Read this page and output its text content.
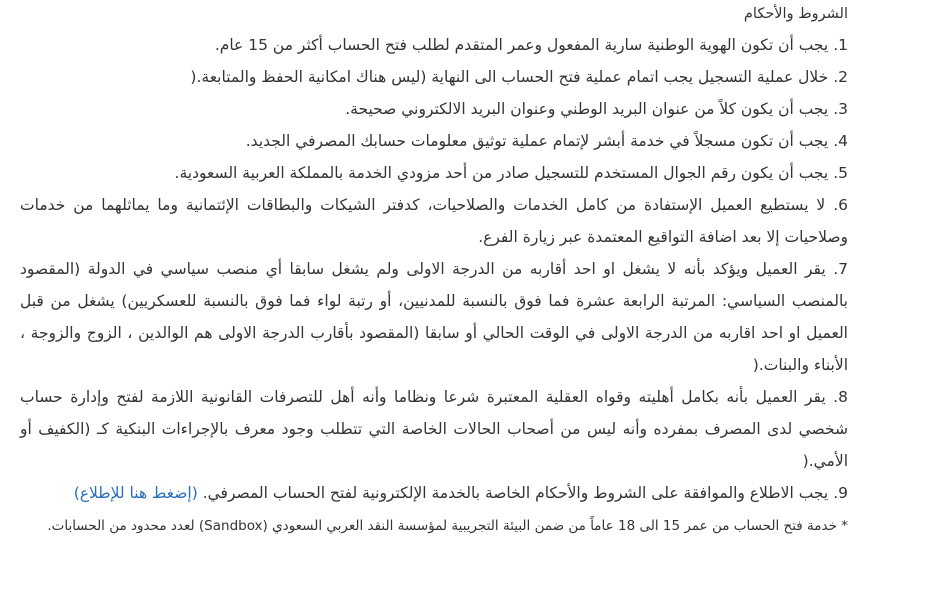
الشروط والأحكام
1. يجب أن تكون الهوية الوطنية سارية المفعول وعمر المتقدم لطلب فتح الحساب أكثر من 15 عام.
2. خلال عملية التسجيل يجب اتمام عملية فتح الحساب الى النهاية (ليس هناك امكانية الحفظ والمتابعة.(
3. يجب أن يكون كلاً من عنوان البريد الوطني وعنوان البريد الالكتروني صحيحة.
4. يجب أن تكون مسجلاً في خدمة أبشر لإتمام عملية توثيق معلومات حسابك المصرفي الجديد.
5. يجب أن يكون رقم الجوال المستخدم للتسجيل صادر من أحد مزودي الخدمة بالمملكة العربية السعودية.
6. لا يستطيع العميل الإستفادة من كامل الخدمات والصلاحيات، كدفتر الشيكات والبطاقات الإئتمانية وما يماثلهما من خدمات وصلاحيات إلا بعد اضافة التواقيع المعتمدة عبر زيارة الفرع.
7. يقر العميل ويؤكد بأنه لا يشغل او احد أقاربه من الدرجة الاولى ولم يشغل سابقا أي منصب سياسي في الدولة (المقصود بالمنصب السياسي: المرتبة الرابعة عشرة فما فوق بالنسبة للمدنيين، أو رتبة لواء فما فوق بالنسبة للعسكريين) يشغل من قبل العميل او احد اقاربه من الدرجة الاولى في الوقت الحالي أو سابقا (المقصود بأقارب الدرجة الاولى هم الوالدين ، الزوج والزوجة ، الأبناء والبنات.(
8. يقر العميل بأنه بكامل أهليته وقواه العقلية المعتبرة شرعا ونظاما وأنه أهل للتصرفات القانونية اللازمة لفتح وإدارة حساب شخصي لدى المصرف بمفرده وأنه ليس من أصحاب الحالات الخاصة التي تتطلب وجود معرف بالإجراءات البنكية كـ (الكفيف أو الأمي.(
9. يجب الاطلاع والموافقة على الشروط والأحكام الخاصة بالخدمة الإلكترونية لفتح الحساب المصرفي. (إضغط هنا للإطلاع)
* خدمة فتح الحساب من عمر 15 الى 18 عاماً من ضمن البيئة التجريبية لمؤسسة النقد العربي السعودي (Sandbox) لعدد محدود من الحسابات.
